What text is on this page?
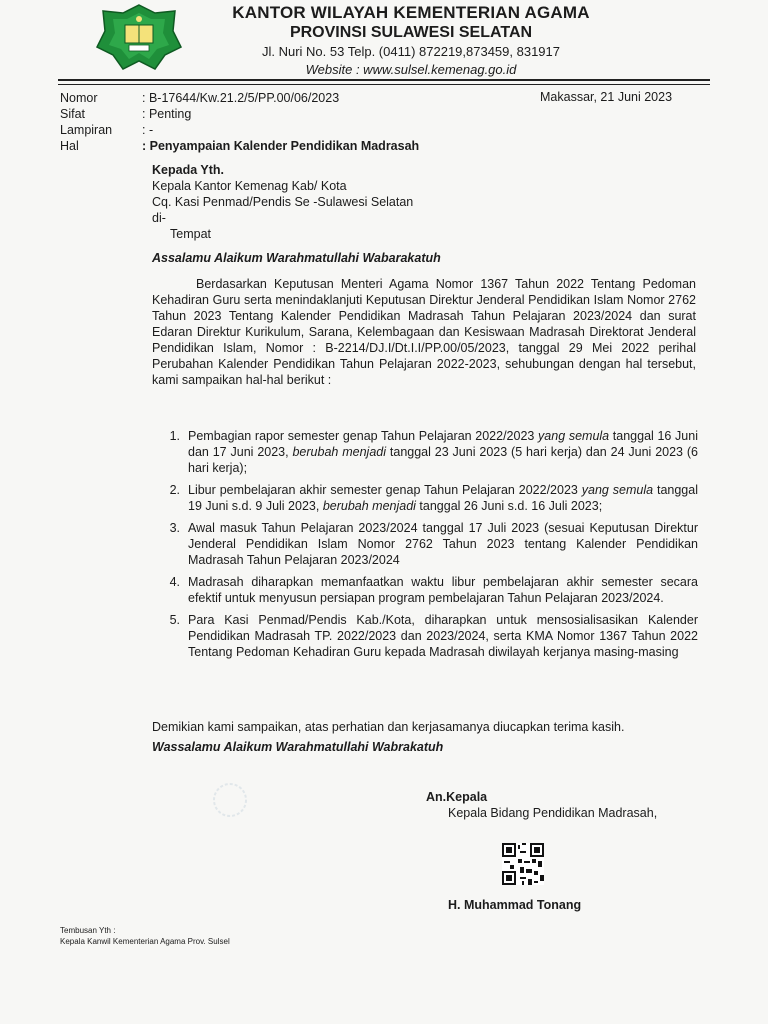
KANTOR WILAYAH KEMENTERIAN AGAMA
PROVINSI SULAWESI SELATAN
Jl. Nuri No. 53 Telp. (0411) 872219,873459, 831917
Website : www.sulsel.kemenag.go.id
Nomor	: B-17644/Kw.21.2/5/PP.00/06/2023
Sifat	: Penting
Lampiran	: -
Hal	: Penyampaian Kalender Pendidikan Madrasah
Makassar, 21 Juni 2023
Kepada Yth.
Kepala Kantor Kemenag Kab/ Kota
Cq. Kasi Penmad/Pendis Se -Sulawesi Selatan
di-
Tempat
Assalamu Alaikum Warahmatullahi Wabarakatuh
Berdasarkan Keputusan Menteri Agama Nomor 1367 Tahun 2022 Tentang Pedoman Kehadiran Guru serta menindaklanjuti Keputusan Direktur Jenderal Pendidikan Islam Nomor 2762 Tahun 2023 Tentang Kalender Pendidikan Madrasah Tahun Pelajaran 2023/2024 dan surat Edaran Direktur Kurikulum, Sarana, Kelembagaan dan Kesiswaan Madrasah Direktorat Jenderal Pendidikan Islam, Nomor : B-2214/DJ.I/Dt.I.I/PP.00/05/2023, tanggal 29 Mei 2022 perihal Perubahan Kalender Pendidikan Tahun Pelajaran 2022-2023, sehubungan dengan hal tersebut, kami sampaikan hal-hal berikut :
1. Pembagian rapor semester genap Tahun Pelajaran 2022/2023 yang semula tanggal 16 Juni dan 17 Juni 2023, berubah menjadi tanggal 23 Juni 2023 (5 hari kerja) dan 24 Juni 2023 (6 hari kerja);
2. Libur pembelajaran akhir semester genap Tahun Pelajaran 2022/2023 yang semula tanggal 19 Juni s.d. 9 Juli 2023, berubah menjadi tanggal 26 Juni s.d. 16 Juli 2023;
3. Awal masuk Tahun Pelajaran 2023/2024 tanggal 17 Juli 2023 (sesuai Keputusan Direktur Jenderal Pendidikan Islam Nomor 2762 Tahun 2023 tentang Kalender Pendidikan Madrasah Tahun Pelajaran 2023/2024
4. Madrasah diharapkan memanfaatkan waktu libur pembelajaran akhir semester secara efektif untuk menyusun persiapan program pembelajaran Tahun Pelajaran 2023/2024.
5. Para Kasi Penmad/Pendis Kab./Kota, diharapkan untuk mensosialisasikan Kalender Pendidikan Madrasah TP. 2022/2023 dan 2023/2024, serta KMA Nomor 1367 Tahun 2022 Tentang Pedoman Kehadiran Guru kepada Madrasah diwilayah kerjanya masing-masing
Demikian kami sampaikan, atas perhatian dan kerjasamanya diucapkan terima kasih.
Wassalamu Alaikum Warahmatullahi Wabrakatuh
An.Kepala
Kepala Bidang Pendidikan Madrasah,
H. Muhammad Tonang
Tembusan Yth :
Kepala Kanwil Kementerian Agama Prov. Sulsel
